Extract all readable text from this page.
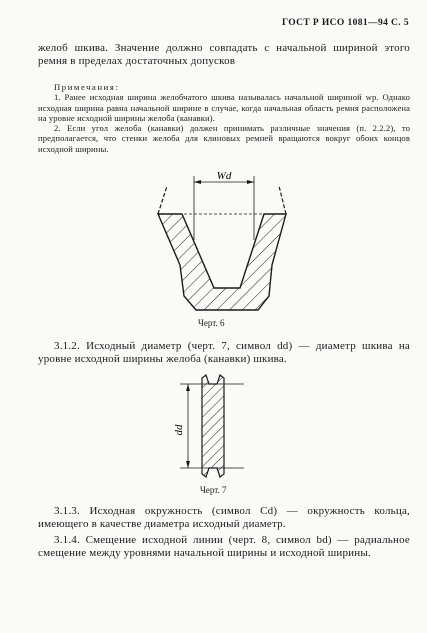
ГОСТ Р ИСО 1081—94 С. 5

желоб шкива. Значение должно совпадать с начальной шириной этого ремня в пределах достаточных допусков

Примечания:

1. Ранее исходная ширина желобчатого шкива называлась начальной шириной wp. Однако исходная ширина равна начальной ширине в случае, когда начальная область ремня расположена на уровне исходной ширины желоба (канавки).

2. Если угол желоба (канавки) должен принимать различные значения (п. 2.2.2), то предполагается, что стенки желоба для клиновых ремней вращаются вокруг обоих концов исходной ширины.

Wd
Черт. 6

3.1.2. Исходный диаметр (черт. 7, символ dd) — диаметр шкива на уровне исходной ширины желоба (канавки) шкива.

dd
Черт. 7

3.1.3. Исходная окружность (символ Cd) — окружность кольца, имеющего в качестве диаметра исходный диаметр.

3.1.4. Смещение исходной линии (черт. 8, символ bd) — радиальное смещение между уровнями начальной ширины и исходной ширины.
